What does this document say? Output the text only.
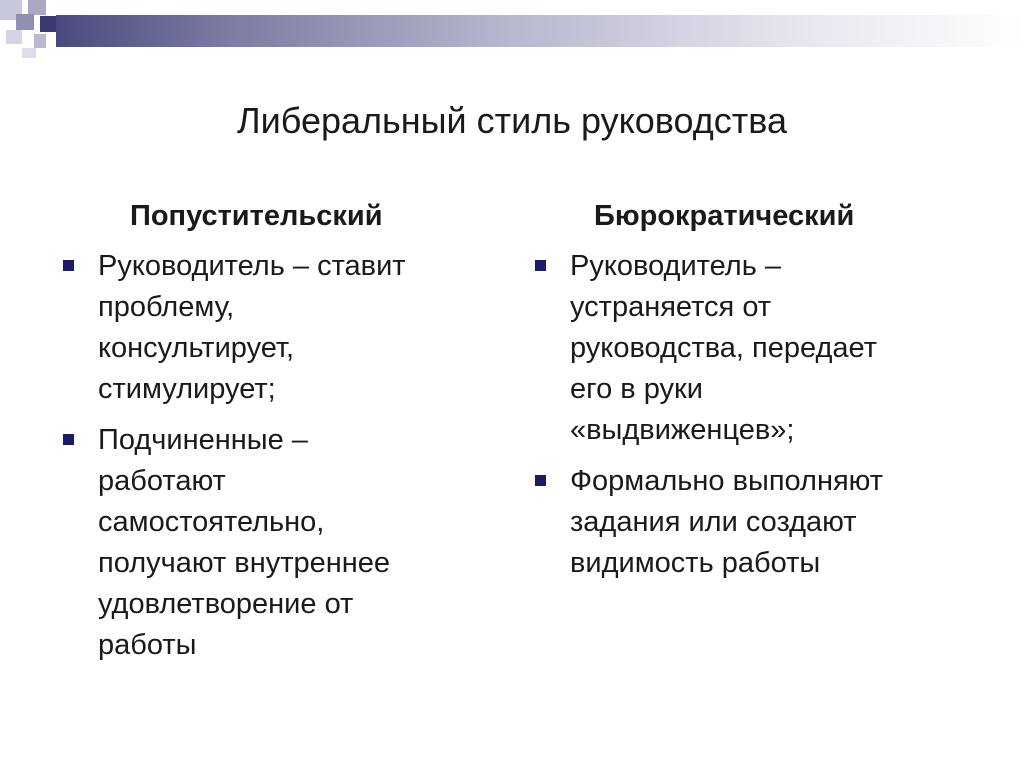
Либеральный стиль руководства
Попустительский
Руководитель – ставит
проблему,
консультирует,
стимулирует;
Подчиненные –
работают
самостоятельно,
получают внутреннее
удовлетворение от
работы
Бюрократический
Руководитель –
устраняется от
руководства, передает
его в руки
«выдвиженцев»;
Формально выполняют
задания или создают
видимость работы
